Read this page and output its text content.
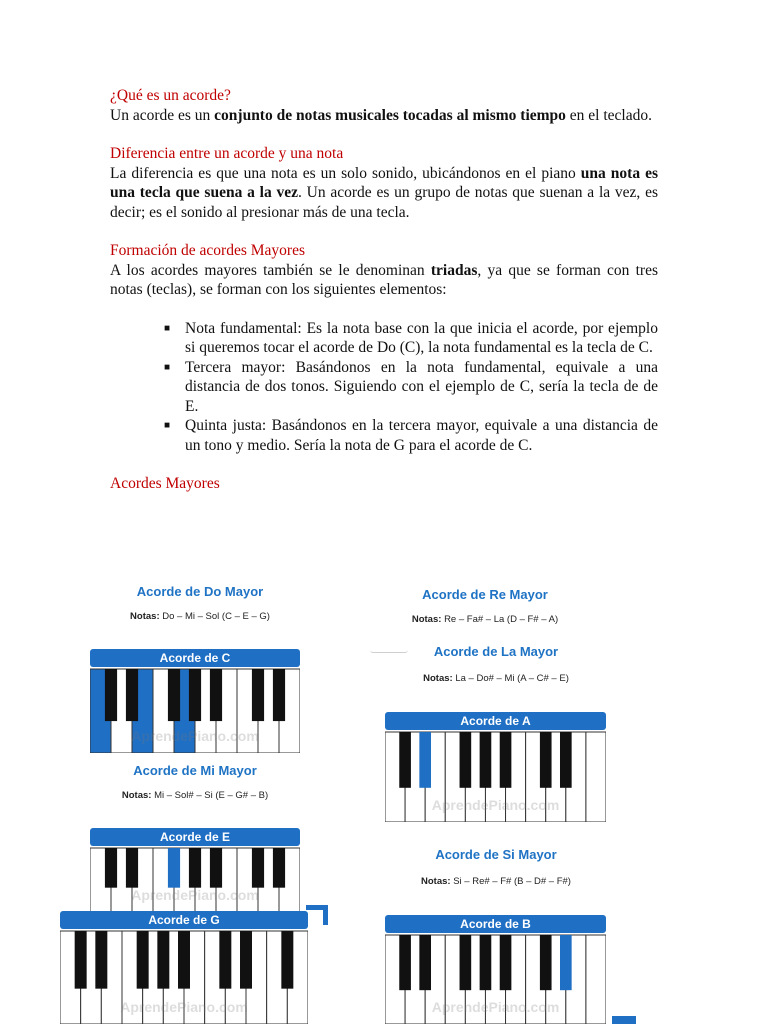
¿Qué es un acorde?

Un acorde es un conjunto de notas musicales tocadas al mismo tiempo en el teclado.

Diferencia entre un acorde y una nota

La diferencia es que una nota es un solo sonido, ubicándonos en el piano una nota es una tecla que suena a la vez. Un acorde es un grupo de notas que suenan a la vez, es decir; es el sonido al presionar más de una tecla.

Formación de acordes Mayores

A los acordes mayores también se le denominan triadas, ya que se forman con tres notas (teclas), se forman con los siguientes elementos:

■ Nota fundamental: Es la nota base con la que inicia el acorde, por ejemplo si queremos tocar el acorde de Do (C), la nota fundamental es la tecla de C.
■ Tercera mayor: Basándonos en la nota fundamental, equivale a una distancia de dos tonos. Siguiendo con el ejemplo de C, sería la tecla de de E.
■ Quinta justa: Basándonos en la tercera mayor, equivale a una distancia de un tono y medio. Sería la nota de G para el acorde de C.
Acordes Mayores
Acorde de Do Mayor
Notas: Do – Mi – Sol (C – E – G)
Acorde de Re Mayor
Notas: Re – Fa# – La (D – F# – A)
Acorde de La Mayor
Notas: La – Do# – Mi (A – C# – E)
Acorde de Mi Mayor
Notas: Mi – Sol# – Si (E – G# – B)
Acorde de Si Mayor
Notas: Si – Re# – F# (B – D# – F#)
Acorde de C
AprendePiano.com
Acorde de A
AprendePiano.com
Acorde de E
AprendePiano.com
Acorde de G
AprendePiano.com
Acorde de B
AprendePiano.com
